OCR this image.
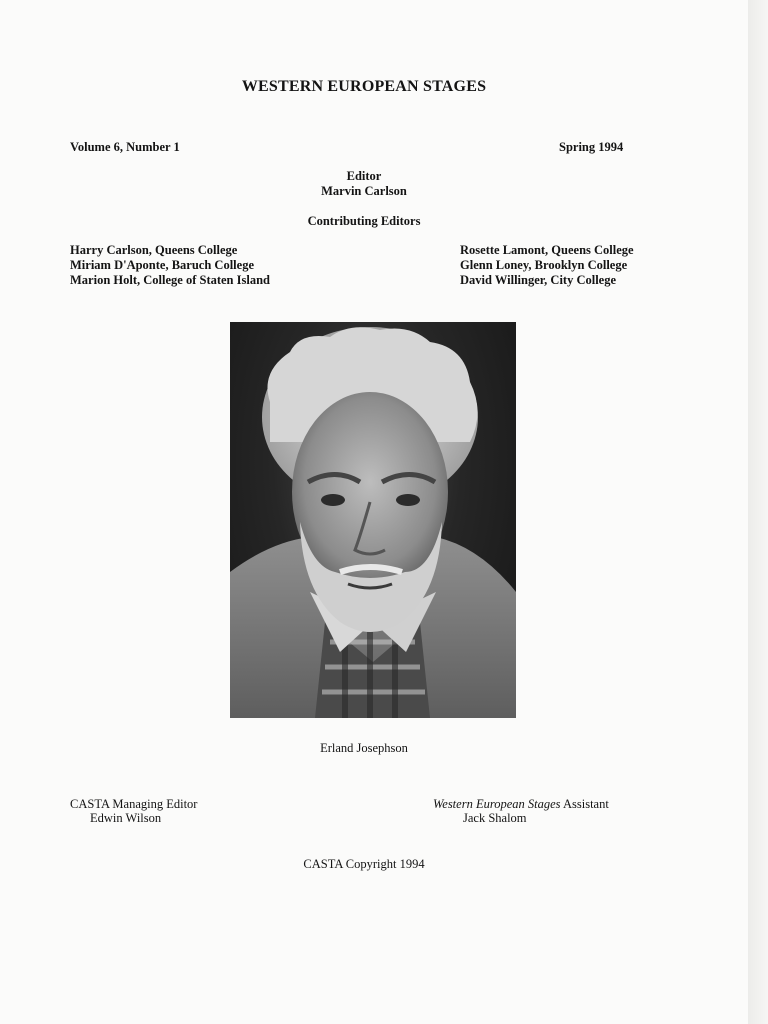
WESTERN EUROPEAN STAGES
Volume 6, Number 1	Spring 1994
Editor
Marvin Carlson
Contributing Editors
Harry Carlson, Queens College
Miriam D'Aponte, Baruch College
Marion Holt, College of Staten Island
Rosette Lamont, Queens College
Glenn Loney, Brooklyn College
David Willinger, City College
Erland Josephson
CASTA Managing Editor
Edwin Wilson
Western European Stages Assistant
Jack Shalom
CASTA Copyright 1994
